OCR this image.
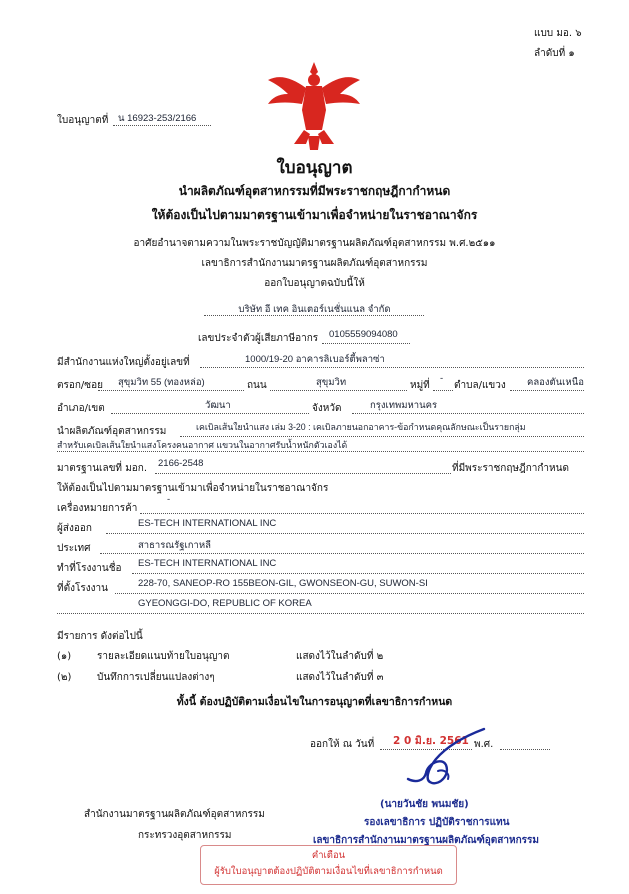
แบบ มอ. ๖
ลำดับที่ ๑
ใบอนุญาตที่ น 16923-253/2166
ใบอนุญาต
นำผลิตภัณฑ์อุตสาหกรรมที่มีพระราชกฤษฎีกากำหนด
ให้ต้องเป็นไปตามมาตรฐานเข้ามาเพื่อจำหน่ายในราชอาณาจักร
อาศัยอำนาจตามความในพระราชบัญญัติมาตรฐานผลิตภัณฑ์อุตสาหกรรม พ.ศ.๒๕๑๑
เลขาธิการสำนักงานมาตรฐานผลิตภัณฑ์อุตสาหกรรม
ออกใบอนุญาตฉบับนี้ให้
บริษัท อี เทค อินเตอร์เนชั่นแนล จำกัด
เลขประจำตัวผู้เสียภาษีอากร 0105559094080
มีสำนักงานแห่งใหญ่ตั้งอยู่เลขที่	1000/19-20 อาคารลิเบอร์ตี้พลาซ่า
ตรอก/ซอย สุขุมวิท 55 (ทองหล่อ)	ถนน	สุขุมวิท	หมู่ที่
-
ตำบล/แขวง คลองตันเหนือ
อำเภอ/เขต	วัฒนา	จังหวัด	กรุงเทพมหานคร
นำผลิตภัณฑ์อุตสาหกรรม	เคเบิลเส้นใยนำแสง เล่ม 3-20 : เคเบิลภายนอกอาคาร-ข้อกำหนดคุณลักษณะเป็นรายกลุ่ม
สำหรับเคเบิลเส้นใยนำแสงโครงคนอากาศ แขวนในอากาศรับน้ำหนักตัวเองได้
มาตรฐานเลขที่ มอก. 2166-2548	ที่มีพระราชกฤษฎีกากำหนด
ให้ต้องเป็นไปตามมาตรฐานเข้ามาเพื่อจำหน่ายในราชอาณาจักร
เครื่องหมายการค้า
-
ผู้ส่งออก	ES-TECH INTERNATIONAL INC
ประเทศ	สาธารณรัฐเกาหลี
ทำที่โรงงานชื่อ ES-TECH INTERNATIONAL INC
ที่ตั้งโรงงาน	228-70, SANEOP-RO 155BEON-GIL, GWONSEON-GU, SUWON-SI
GYEONGGI-DO, REPUBLIC OF KOREA
มีรายการ ดังต่อไปนี้
(๑)	รายละเอียดแนบท้ายใบอนุญาต	แสดงไว้ในลำดับที่ ๒
(๒)	บันทึกการเปลี่ยนแปลงต่างๆ	แสดงไว้ในลำดับที่ ๓
ทั้งนี้ ต้องปฏิบัติตามเงื่อนไขในการอนุญาตที่เลขาธิการกำหนด
ออกให้ ณ วันที่ 2 0 มิ.ย. 2561 พ.ศ.
(นายวันชัย พนมชัย)
รองเลขาธิการ ปฏิบัติราชการแทน
เลขาธิการสำนักงานมาตรฐานผลิตภัณฑ์อุตสาหกรรม
สำนักงานมาตรฐานผลิตภัณฑ์อุตสาหกรรม
กระทรวงอุตสาหกรรม
คำเตือน
ผู้รับใบอนุญาตต้องปฏิบัติตามเงื่อนไขที่เลขาธิการกำหนด
